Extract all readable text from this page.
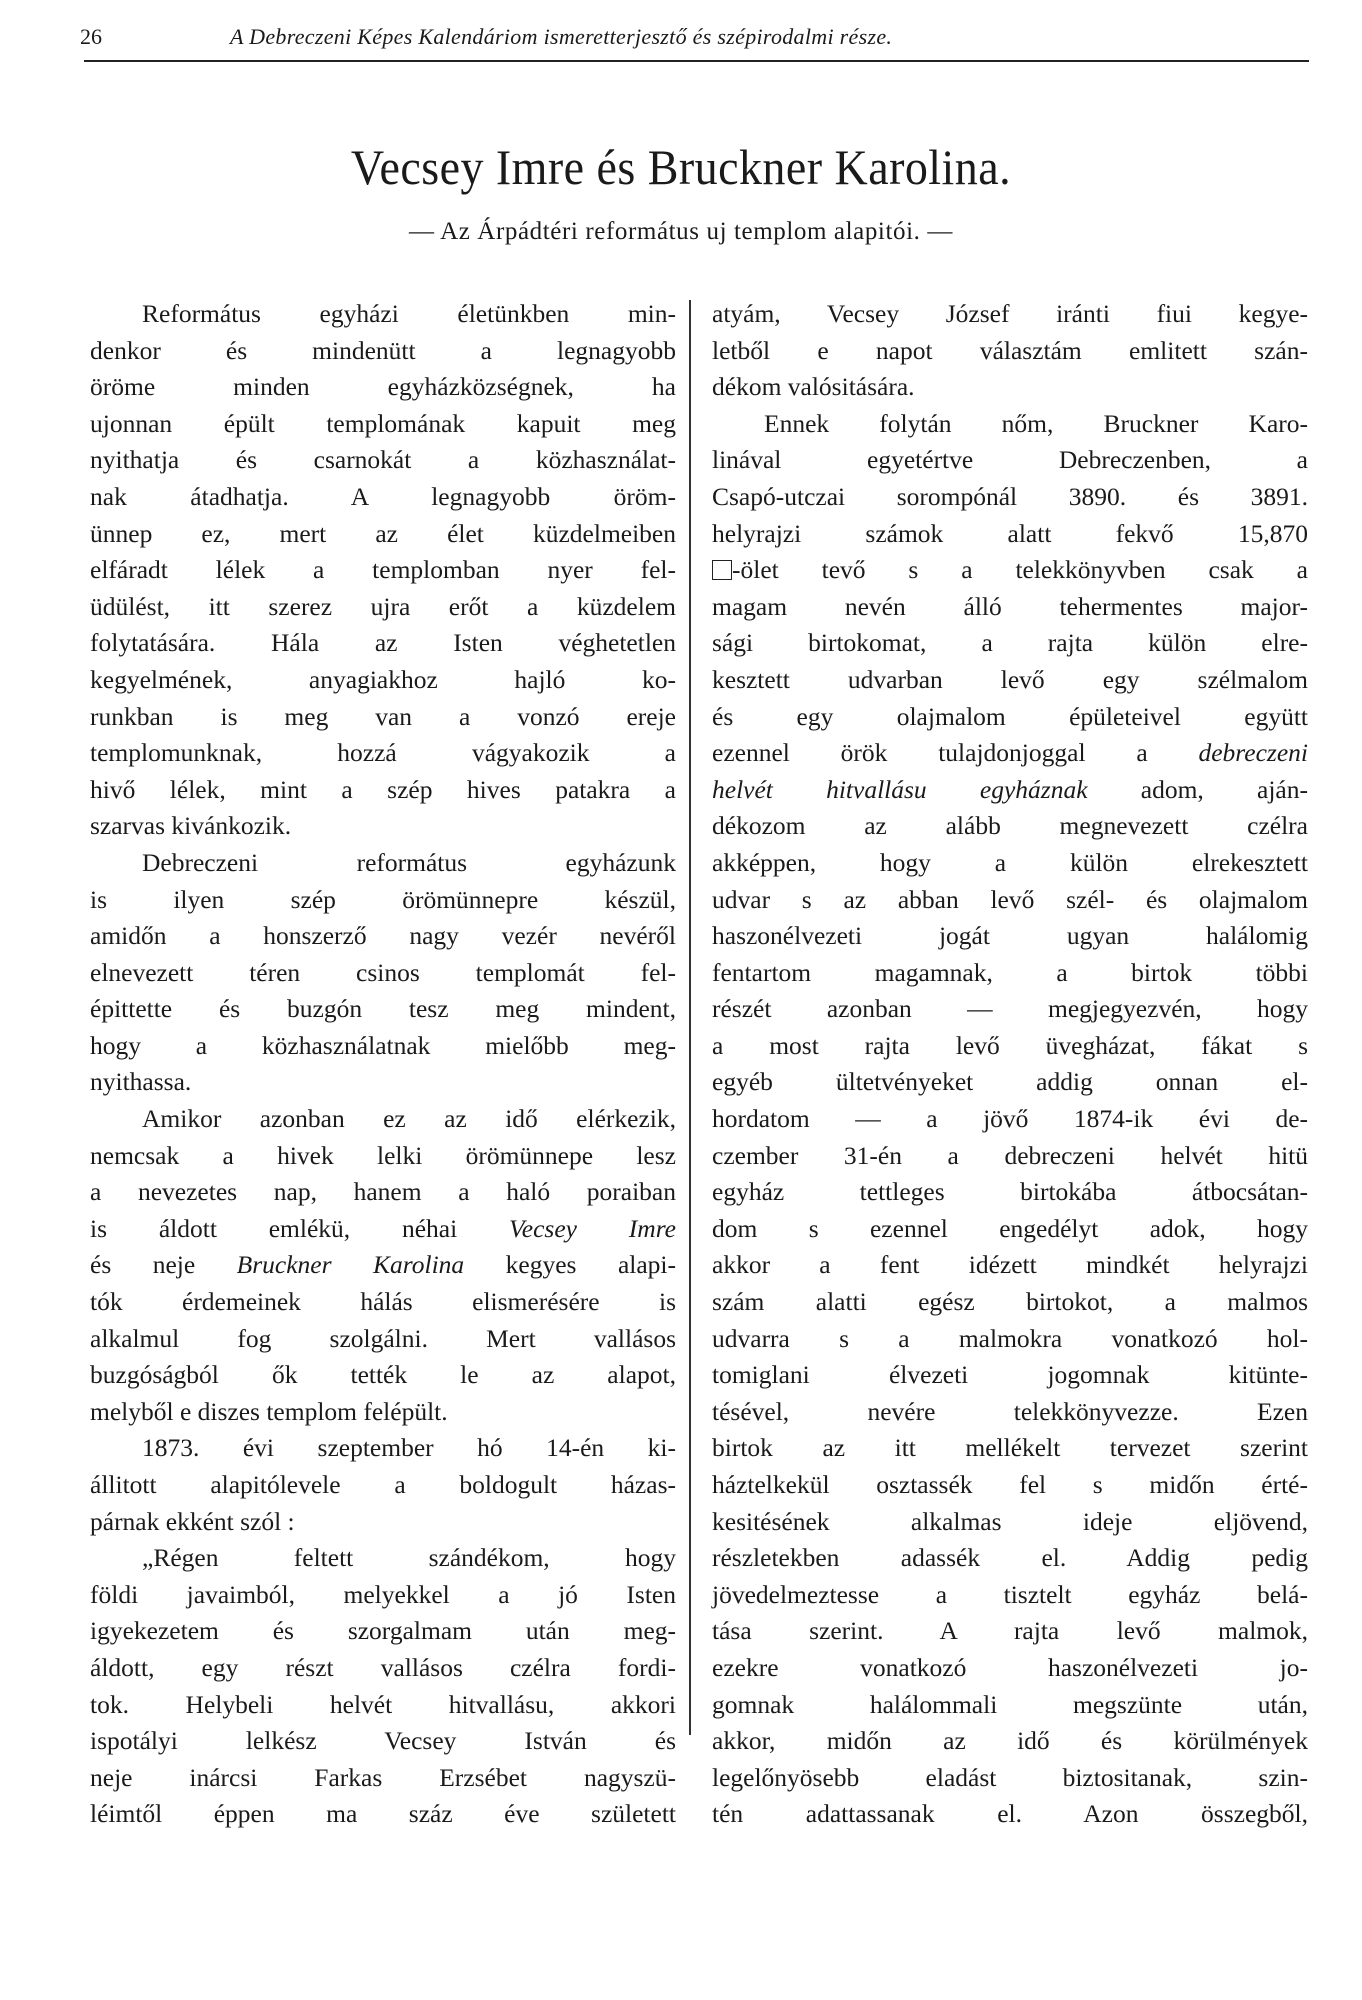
26	A Debreczeni Képes Kalendáriom ismeretterjesztő és szépirodalmi része.
Vecsey Imre és Bruckner Karolina.
— Az Árpádtéri református uj templom alapitói. —
Református egyházi életünkben min-
denkor és mindenütt a legnagyobb
öröme minden egyházközségnek, ha
ujonnan épült templomának kapuit meg
nyithatja és csarnokát a közhasználat-
nak átadhatja. A legnagyobb öröm-
ünnep ez, mert az élet küzdelmeiben
elfáradt lélek a templomban nyer fel-
üdülést, itt szerez ujra erőt a küzdelem
folytatására. Hála az Isten véghetetlen
kegyelmének, anyagiakhoz hajló ko-
runkban is meg van a vonzó ereje
templomunknak, hozzá vágyakozik a
hivő lélek, mint a szép hives patakra a
szarvas kivánkozik.
Debreczeni református egyházunk
is ilyen szép örömünnepre készül,
amidőn a honszerző nagy vezér nevéről
elnevezett téren csinos templomát fel-
épittette és buzgón tesz meg mindent,
hogy a közhasználatnak mielőbb meg-
nyithassa.
Amikor azonban ez az idő elérkezik,
nemcsak a hivek lelki örömünnepe lesz
a nevezetes nap, hanem a haló poraiban
is áldott emlékü, néhai Vecsey Imre
és neje Bruckner Karolina kegyes alapi-
tók érdemeinek hálás elismerésére is
alkalmul fog szolgálni. Mert vallásos
buzgóságból ők tették le az alapot,
melyből e diszes templom felépült.
1873. évi szeptember hó 14-én ki-
állitott alapitólevele a boldogult házas-
párnak ekként szól :
„Régen feltett szándékom, hogy
földi javaimból, melyekkel a jó Isten
igyekezetem és szorgalmam után meg-
áldott, egy részt vallásos czélra fordi-
tok. Helybeli helvét hitvallásu, akkori
ispotályi lelkész Vecsey István és
neje inárcsi Farkas Erzsébet nagyszü-
léimtől éppen ma száz éve született
atyám, Vecsey József iránti fiui kegye-
letből e napot választám emlitett szán-
dékom valósitására.
Ennek folytán nőm, Bruckner Karo-
linával egyetértve Debreczenben, a
Csapó-utczai sorompónál 3890. és 3891.
helyrajzi számok alatt fekvő 15,870
-ölet tevő s a telekkönyvben csak a
magam nevén álló tehermentes major-
sági birtokomat, a rajta külön elre-
kesztett udvarban levő egy szélmalom
és egy olajmalom épületeivel együtt
ezennel örök tulajdonjoggal a debreczeni
helvét hitvallásu egyháznak adom, aján-
dékozom az alább megnevezett czélra
akképpen, hogy a külön elrekesztett
udvar s az abban levő szél- és olajmalom
haszonélvezeti jogát ugyan halálomig
fentartom magamnak, a birtok többi
részét azonban — megjegyezvén, hogy
a most rajta levő üvegházat, fákat s
egyéb ültetvényeket addig onnan el-
hordatom — a jövő 1874-ik évi de-
czember 31-én a debreczeni helvét hitü
egyház tettleges birtokába átbocsátan-
dom s ezennel engedélyt adok, hogy
akkor a fent idézett mindkét helyrajzi
szám alatti egész birtokot, a malmos
udvarra s a malmokra vonatkozó hol-
tomiglani élvezeti jogomnak kitünte-
tésével, nevére telekkönyvezze. Ezen
birtok az itt mellékelt tervezet szerint
háztelkekül osztassék fel s midőn érté-
kesitésének alkalmas ideje eljövend,
részletekben adassék el. Addig pedig
jövedelmeztesse a tisztelt egyház belá-
tása szerint. A rajta levő malmok,
ezekre vonatkozó haszonélvezeti jo-
gomnak halálommali megszünte után,
akkor, midőn az idő és körülmények
legelőnyösebb eladást biztositanak, szin-
tén adattassanak el. Azon összegből,
